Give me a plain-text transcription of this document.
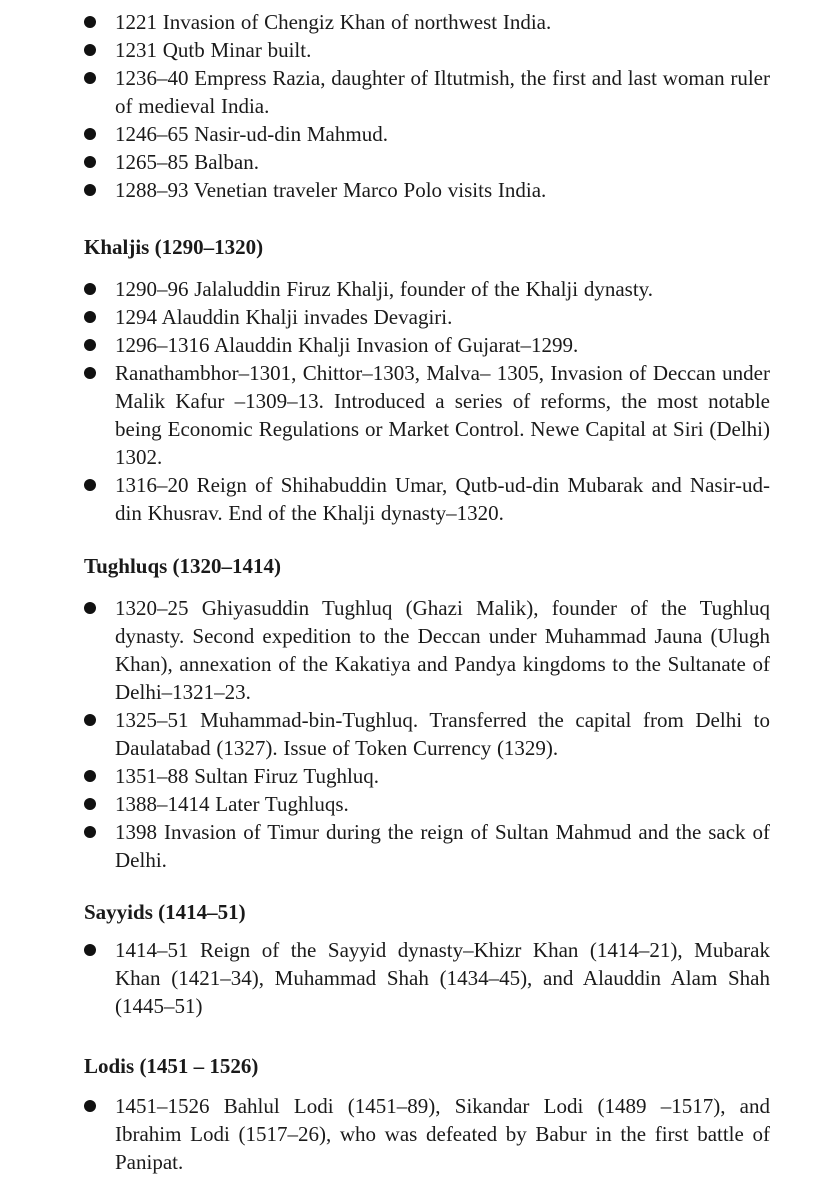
1221 Invasion of Chengiz Khan of northwest India.
1231 Qutb Minar built.
1236–40 Empress Razia, daughter of Iltutmish, the first and last woman ruler of medieval India.
1246–65 Nasir-ud-din Mahmud.
1265–85 Balban.
1288–93 Venetian traveler Marco Polo visits India.
Khaljis (1290–1320)
1290–96 Jalaluddin Firuz Khalji, founder of the Khalji dynasty.
1294 Alauddin Khalji invades Devagiri.
1296–1316 Alauddin Khalji Invasion of Gujarat–1299.
Ranathambhor–1301, Chittor–1303, Malva– 1305, Invasion of Deccan under Malik Kafur –1309–13. Introduced a series of reforms, the most notable being Economic Regulations or Market Control. Newe Capital at Siri (Delhi) 1302.
1316–20 Reign of Shihabuddin Umar, Qutb-ud-din Mubarak and Nasir-ud-din Khusrav. End of the Khalji dynasty–1320.
Tughluqs (1320–1414)
1320–25 Ghiyasuddin Tughluq (Ghazi Malik), founder of the Tughluq dynasty. Second expedition to the Deccan under Muhammad Jauna (Ulugh Khan), annexation of the Kakatiya and Pandya kingdoms to the Sultanate of Delhi–1321–23.
1325–51 Muhammad-bin-Tughluq. Transferred the capital from Delhi to Daulatabad (1327). Issue of Token Currency (1329).
1351–88 Sultan Firuz Tughluq.
1388–1414 Later Tughluqs.
1398 Invasion of Timur during the reign of Sultan Mahmud and the sack of Delhi.
Sayyids (1414–51)
1414–51 Reign of the Sayyid dynasty–Khizr Khan (1414–21), Mubarak Khan (1421–34), Muhammad Shah (1434–45), and Alauddin Alam Shah (1445–51)
Lodis (1451 – 1526)
1451–1526 Bahlul Lodi (1451–89), Sikandar Lodi (1489 –1517), and Ibrahim Lodi (1517–26), who was defeated by Babur in the first battle of Panipat.
